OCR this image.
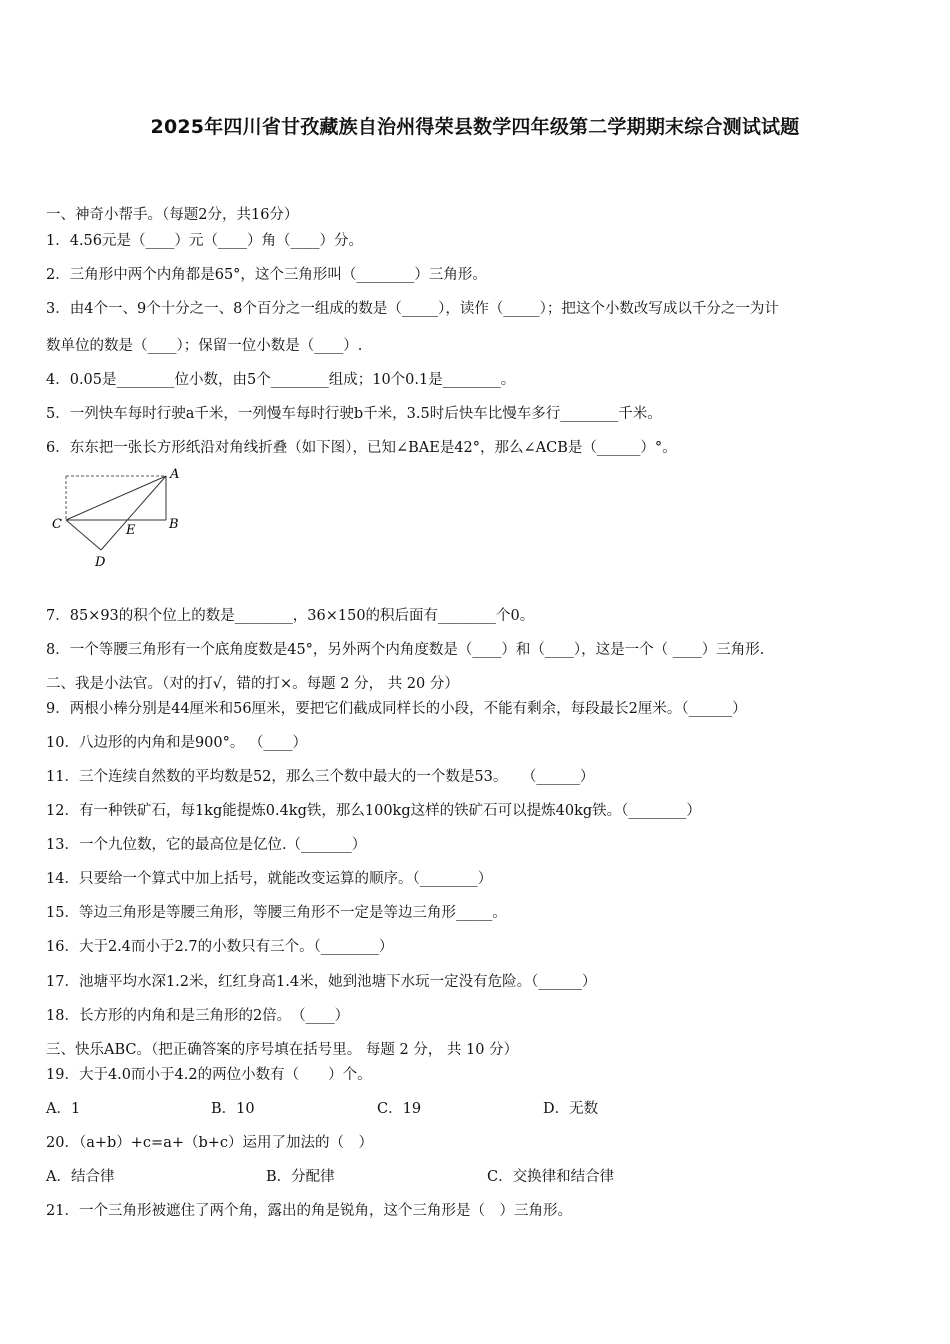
2025年四川省甘孜藏族自治州得荣县数学四年级第二学期期末综合测试试题
一、神奇小帮手。（每题2分，共16分）
1．4.56元是（____）元（____）角（____）分。
2．三角形中两个内角都是65°，这个三角形叫（________）三角形。
3．由4个一、9个十分之一、8个百分之一组成的数是（_____），读作（_____）；把这个小数改写成以千分之一为计
数单位的数是（____）；保留一位小数是（____）.
4．0.05是________位小数，由5个________组成；10个0.1是________。
5．一列快车每时行驶a千米，一列慢车每时行驶b千米，3.5时后快车比慢车多行________千米。
6．东东把一张长方形纸沿对角线折叠（如下图），已知∠BAE是42°，那么∠ACB是（______）°。
A
B
C
D
E
7．85×93的积个位上的数是________，36×150的积后面有________个0。
8．一个等腰三角形有一个底角度数是45°，另外两个内角度数是（____）和（____），这是一个（ ____）三角形.
二、我是小法官。（对的打√，错的打×。每题 2 分， 共 20 分）
9．两根小棒分别是44厘米和56厘米，要把它们截成同样长的小段，不能有剩余，每段最长2厘米。（______）
10．八边形的内角和是900°。 （____）
11．三个连续自然数的平均数是52，那么三个数中最大的一个数是53。　　（______）
12．有一种铁矿石，每1kg能提炼0.4kg铁，那么100kg这样的铁矿石可以提炼40kg铁。（________）
13．一个九位数，它的最高位是亿位.（_______）
14．只要给一个算式中加上括号，就能改变运算的顺序。（________）
15．等边三角形是等腰三角形，等腰三角形不一定是等边三角形_____。
16．大于2.4而小于2.7的小数只有三个。（________）
17．池塘平均水深1.2米，红红身高1.4米，她到池塘下水玩一定没有危险。（______）
18．长方形的内角和是三角形的2倍。　（____）
三、快乐ABC。（把正确答案的序号填在括号里。 每题 2 分， 共 10 分）
19．大于4.0而小于4.2的两位小数有（　　）个。
A．1	B．10	C．19	D．无数
20．（a+b）+c=a+（b+c）运用了加法的（　）
A．结合律	B．分配律	C．交换律和结合律
21．一个三角形被遮住了两个角，露出的角是锐角，这个三角形是（　）三角形。
